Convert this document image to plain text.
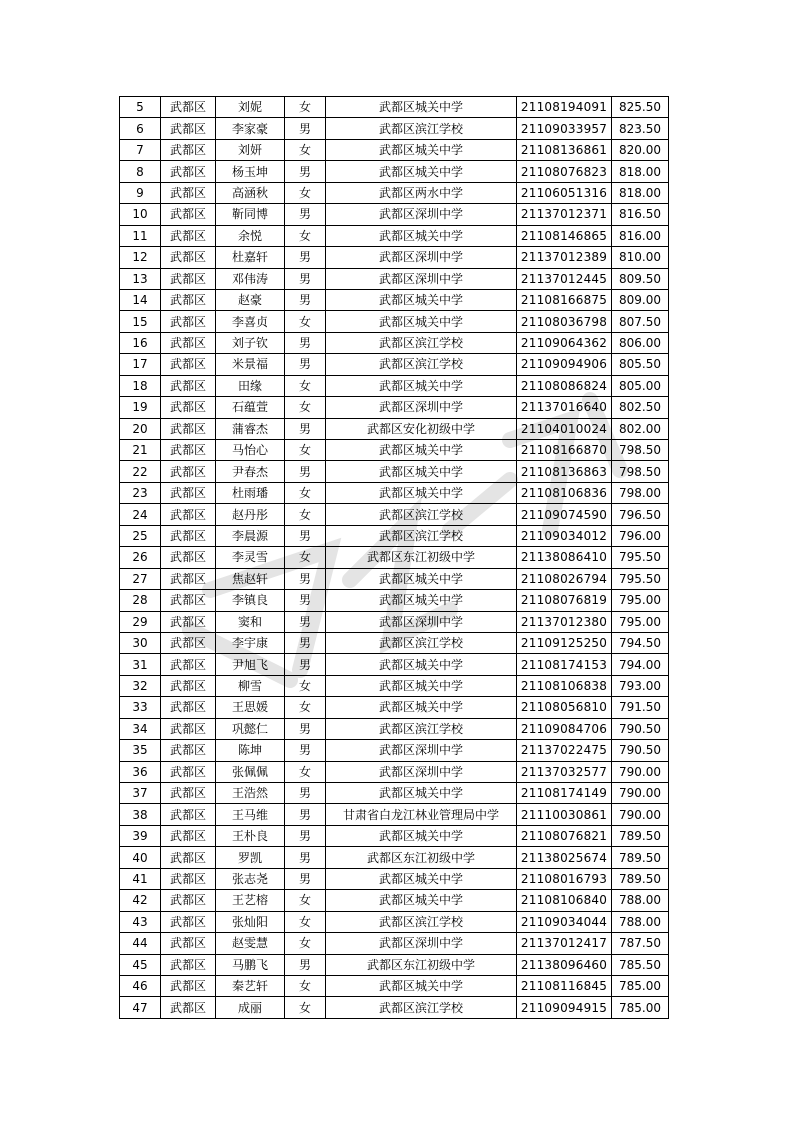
5	武都区	刘妮	女	武都区城关中学	21108194091	825.50
6	武都区	李家豪	男	武都区滨江学校	21109033957	823.50
7	武都区	刘妍	女	武都区城关中学	21108136861	820.00
8	武都区	杨玉坤	男	武都区城关中学	21108076823	818.00
9	武都区	高涵秋	女	武都区两水中学	21106051316	818.00
10	武都区	靳同博	男	武都区深圳中学	21137012371	816.50
11	武都区	余悦	女	武都区城关中学	21108146865	816.00
12	武都区	杜嘉轩	男	武都区深圳中学	21137012389	810.00
13	武都区	邓伟涛	男	武都区深圳中学	21137012445	809.50
14	武都区	赵豪	男	武都区城关中学	21108166875	809.00
15	武都区	李喜贞	女	武都区城关中学	21108036798	807.50
16	武都区	刘子钦	男	武都区滨江学校	21109064362	806.00
17	武都区	米景福	男	武都区滨江学校	21109094906	805.50
18	武都区	田缘	女	武都区城关中学	21108086824	805.00
19	武都区	石蕴萱	女	武都区深圳中学	21137016640	802.50
20	武都区	蒲睿杰	男	武都区安化初级中学	21104010024	802.00
21	武都区	马怡心	女	武都区城关中学	21108166870	798.50
22	武都区	尹春杰	男	武都区城关中学	21108136863	798.50
23	武都区	杜雨璠	女	武都区城关中学	21108106836	798.00
24	武都区	赵丹彤	女	武都区滨江学校	21109074590	796.50
25	武都区	李晨源	男	武都区滨江学校	21109034012	796.00
26	武都区	李灵雪	女	武都区东江初级中学	21138086410	795.50
27	武都区	焦赵轩	男	武都区城关中学	21108026794	795.50
28	武都区	李镇良	男	武都区城关中学	21108076819	795.00
29	武都区	窦和	男	武都区深圳中学	21137012380	795.00
30	武都区	李宇康	男	武都区滨江学校	21109125250	794.50
31	武都区	尹旭飞	男	武都区城关中学	21108174153	794.00
32	武都区	柳雪	女	武都区城关中学	21108106838	793.00
33	武都区	王思媛	女	武都区城关中学	21108056810	791.50
34	武都区	巩懿仁	男	武都区滨江学校	21109084706	790.50
35	武都区	陈坤	男	武都区深圳中学	21137022475	790.50
36	武都区	张佩佩	女	武都区深圳中学	21137032577	790.00
37	武都区	王浩然	男	武都区城关中学	21108174149	790.00
38	武都区	王马维	男	甘肃省白龙江林业管理局中学	21110030861	790.00
39	武都区	王朴良	男	武都区城关中学	21108076821	789.50
40	武都区	罗凯	男	武都区东江初级中学	21138025674	789.50
41	武都区	张志尧	男	武都区城关中学	21108016793	789.50
42	武都区	王艺榕	女	武都区城关中学	21108106840	788.00
43	武都区	张灿阳	女	武都区滨江学校	21109034044	788.00
44	武都区	赵雯慧	女	武都区深圳中学	21137012417	787.50
45	武都区	马鹏飞	男	武都区东江初级中学	21138096460	785.50
46	武都区	秦艺轩	女	武都区城关中学	21108116845	785.00
47	武都区	成丽	女	武都区滨江学校	21109094915	785.00
